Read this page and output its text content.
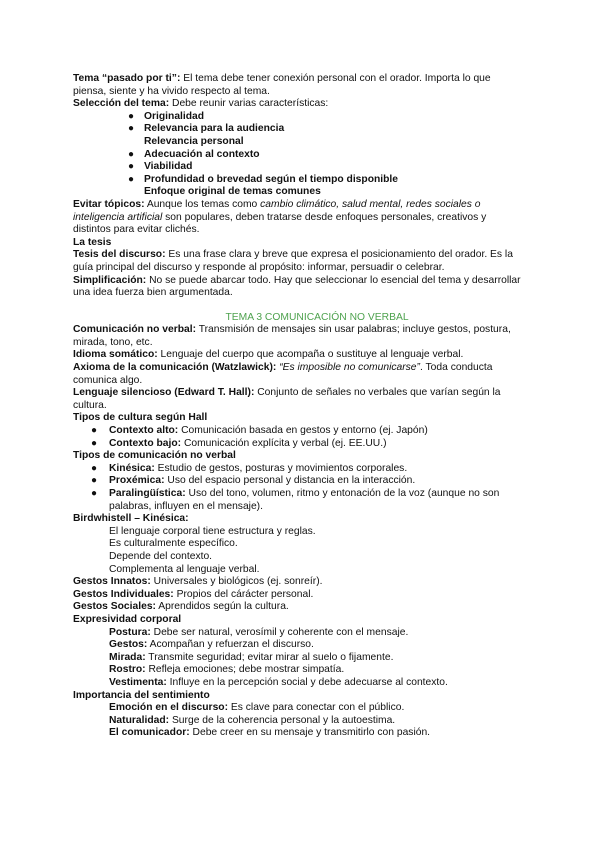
Tema “pasado por ti”: El tema debe tener conexión personal con el orador. Importa lo que piensa, siente y ha vivido respecto al tema.

Selección del tema: Debe reunir varias características:

● Originalidad
● Relevancia para la audiencia
Relevancia personal
● Adecuación al contexto
● Viabilidad
● Profundidad o brevedad según el tiempo disponible
Enfoque original de temas comunes

Evitar tópicos: Aunque los temas como cambio climático, salud mental, redes sociales o inteligencia artificial son populares, deben tratarse desde enfoques personales, creativos y distintos para evitar clichés.

La tesis

Tesis del discurso: Es una frase clara y breve que expresa el posicionamiento del orador. Es la guía principal del discurso y responde al propósito: informar, persuadir o celebrar.

Simplificación: No se puede abarcar todo. Hay que seleccionar lo esencial del tema y desarrollar una idea fuerza bien argumentada.

TEMA 3 COMUNICACIÓN NO VERBAL

Comunicación no verbal: Transmisión de mensajes sin usar palabras; incluye gestos, postura, mirada, tono, etc.

Idioma somático: Lenguaje del cuerpo que acompaña o sustituye al lenguaje verbal.

Axioma de la comunicación (Watzlawick): “Es imposible no comunicarse”. Toda conducta comunica algo.

Lenguaje silencioso (Edward T. Hall): Conjunto de señales no verbales que varían según la cultura.

Tipos de cultura según Hall

● Contexto alto: Comunicación basada en gestos y entorno (ej. Japón)
● Contexto bajo: Comunicación explícita y verbal (ej. EE.UU.)

Tipos de comunicación no verbal

● Kinésica: Estudio de gestos, posturas y movimientos corporales.
● Proxémica: Uso del espacio personal y distancia en la interacción.
● Paralingüística: Uso del tono, volumen, ritmo y entonación de la voz (aunque no son palabras, influyen en el mensaje).

Birdwhistell – Kinésica:

El lenguaje corporal tiene estructura y reglas.

Es culturalmente específico.

Depende del contexto.

Complementa al lenguaje verbal.

Gestos Innatos: Universales y biológicos (ej. sonreír).

Gestos Individuales: Propios del cárácter personal.

Gestos Sociales: Aprendidos según la cultura.

Expresividad corporal

Postura: Debe ser natural, verosímil y coherente con el mensaje.

Gestos: Acompañan y refuerzan el discurso.

Mirada: Transmite seguridad; evitar mirar al suelo o fijamente.

Rostro: Refleja emociones; debe mostrar simpatía.

Vestimenta: Influye en la percepción social y debe adecuarse al contexto.

Importancia del sentimiento

Emoción en el discurso: Es clave para conectar con el público.

Naturalidad: Surge de la coherencia personal y la autoestima.

El comunicador: Debe creer en su mensaje y transmitirlo con pasión.
